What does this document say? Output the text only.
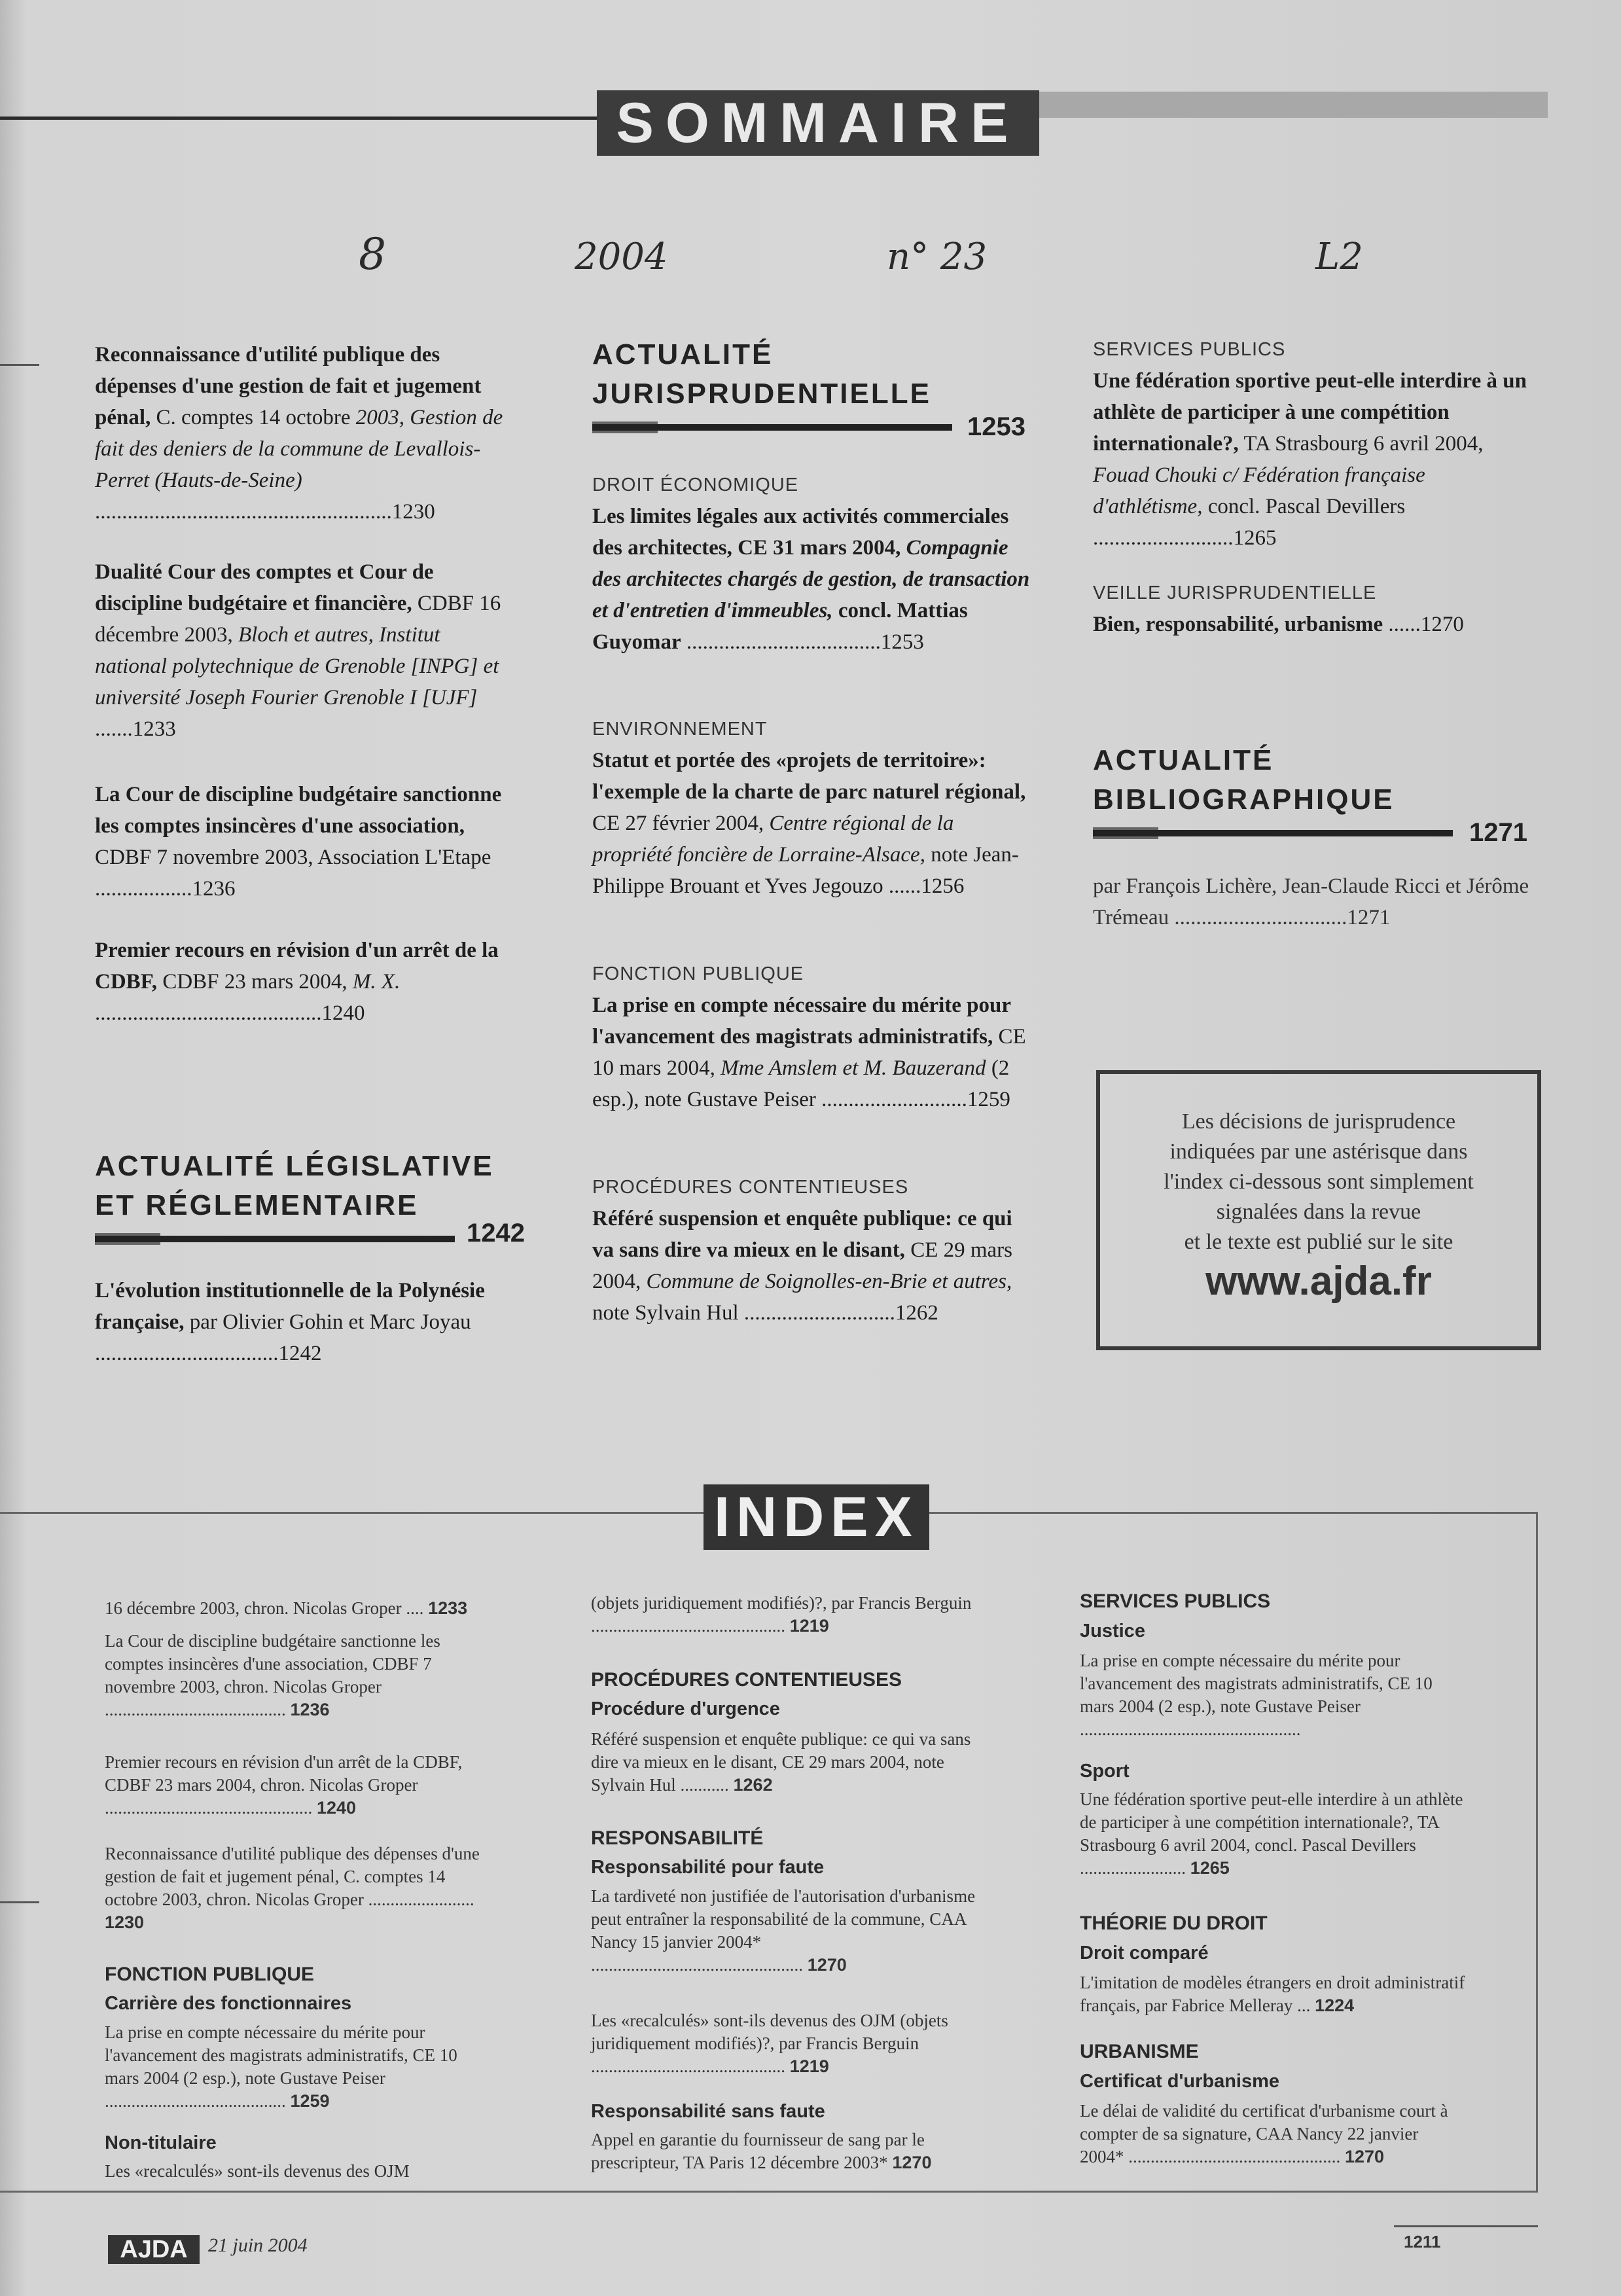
SOMMAIRE
8	2004	n° 23	L2
Reconnaissance d'utilité publique des dépenses d'une gestion de fait et jugement pénal, C. comptes 14 octobre 2003, Gestion de fait des deniers de la commune de Levallois-Perret (Hauts-de-Seine) .......................................................1230
Dualité Cour des comptes et Cour de discipline budgétaire et financière, CDBF 16 décembre 2003, Bloch et autres, Institut national polytechnique de Grenoble [INPG] et université Joseph Fourier Grenoble I [UJF] .......1233
La Cour de discipline budgétaire sanctionne les comptes insincères d'une association, CDBF 7 novembre 2003, Association L'Etape ..................1236
Premier recours en révision d'un arrêt de la CDBF, CDBF 23 mars 2004, M. X. ..........................................1240
ACTUALITÉ LÉGISLATIVE
ET RÉGLEMENTAIRE
1242
L'évolution institutionnelle de la Polynésie française, par Olivier Gohin et Marc Joyau ..................................1242
ACTUALITÉ
JURISPRUDENTIELLE
1253
DROIT ÉCONOMIQUE
Les limites légales aux activités commerciales des architectes, CE 31 mars 2004, Compagnie des architectes chargés de gestion, de transaction et d'entretien d'immeubles, concl. Mattias Guyomar ....................................1253
ENVIRONNEMENT
Statut et portée des «projets de territoire»: l'exemple de la charte de parc naturel régional, CE 27 février 2004, Centre régional de la propriété foncière de Lorraine-Alsace, note Jean-Philippe Brouant et Yves Jegouzo ......1256
FONCTION PUBLIQUE
La prise en compte nécessaire du mérite pour l'avancement des magistrats administratifs, CE 10 mars 2004, Mme Amslem et M. Bauzerand (2 esp.), note Gustave Peiser ...........................1259
PROCÉDURES CONTENTIEUSES
Référé suspension et enquête publique: ce qui va sans dire va mieux en le disant, CE 29 mars 2004, Commune de Soignolles-en-Brie et autres, note Sylvain Hul ............................1262
SERVICES PUBLICS
Une fédération sportive peut-elle interdire à un athlète de participer à une compétition internationale?, TA Strasbourg 6 avril 2004, Fouad Chouki c/ Fédération française d'athlétisme, concl. Pascal Devillers ..........................1265
VEILLE JURISPRUDENTIELLE
Bien, responsabilité, urbanisme ......1270
ACTUALITÉ
BIBLIOGRAPHIQUE
1271
par François Lichère, Jean-Claude Ricci et Jérôme Trémeau ................................1271
Les décisions de jurisprudence
indiquées par une astérisque dans
l'index ci-dessous sont simplement
signalées dans la revue
et le texte est publié sur le site
www.ajda.fr
INDEX
16 décembre 2003, chron. Nicolas Groper .... 1233
La Cour de discipline budgétaire sanctionne les comptes insincères d'une association, CDBF 7 novembre 2003, chron. Nicolas Groper ......................................... 1236
Premier recours en révision d'un arrêt de la CDBF, CDBF 23 mars 2004, chron. Nicolas Groper ............................................... 1240
Reconnaissance d'utilité publique des dépenses d'une gestion de fait et jugement pénal, C. comptes 14 octobre 2003, chron. Nicolas Groper ........................ 1230
FONCTION PUBLIQUE
Carrière des fonctionnaires
La prise en compte nécessaire du mérite pour l'avancement des magistrats administratifs, CE 10 mars 2004 (2 esp.), note Gustave Peiser ......................................... 1259
Non-titulaire
Les «recalculés» sont-ils devenus des OJM
(objets juridiquement modifiés)?, par Francis Berguin ............................................ 1219
PROCÉDURES CONTENTIEUSES
Procédure d'urgence
Référé suspension et enquête publique: ce qui va sans dire va mieux en le disant, CE 29 mars 2004, note Sylvain Hul ........... 1262
RESPONSABILITÉ
Responsabilité pour faute
La tardiveté non justifiée de l'autorisation d'urbanisme peut entraîner la responsabilité de la commune, CAA Nancy 15 janvier 2004* ................................................ 1270
Les «recalculés» sont-ils devenus des OJM (objets juridiquement modifiés)?, par Francis Berguin ............................................ 1219
Responsabilité sans faute
Appel en garantie du fournisseur de sang par le prescripteur, TA Paris 12 décembre 2003* 1270
SERVICES PUBLICS
Justice
La prise en compte nécessaire du mérite pour l'avancement des magistrats administratifs, CE 10 mars 2004 (2 esp.), note Gustave Peiser ..................................................
Sport
Une fédération sportive peut-elle interdire à un athlète de participer à une compétition internationale?, TA Strasbourg 6 avril 2004, concl. Pascal Devillers ........................ 1265
THÉORIE DU DROIT
Droit comparé
L'imitation de modèles étrangers en droit administratif français, par Fabrice Melleray ... 1224
URBANISME
Certificat d'urbanisme
Le délai de validité du certificat d'urbanisme court à compter de sa signature, CAA Nancy 22 janvier 2004* ................................................ 1270
AJDA	21 juin 2004	1211
